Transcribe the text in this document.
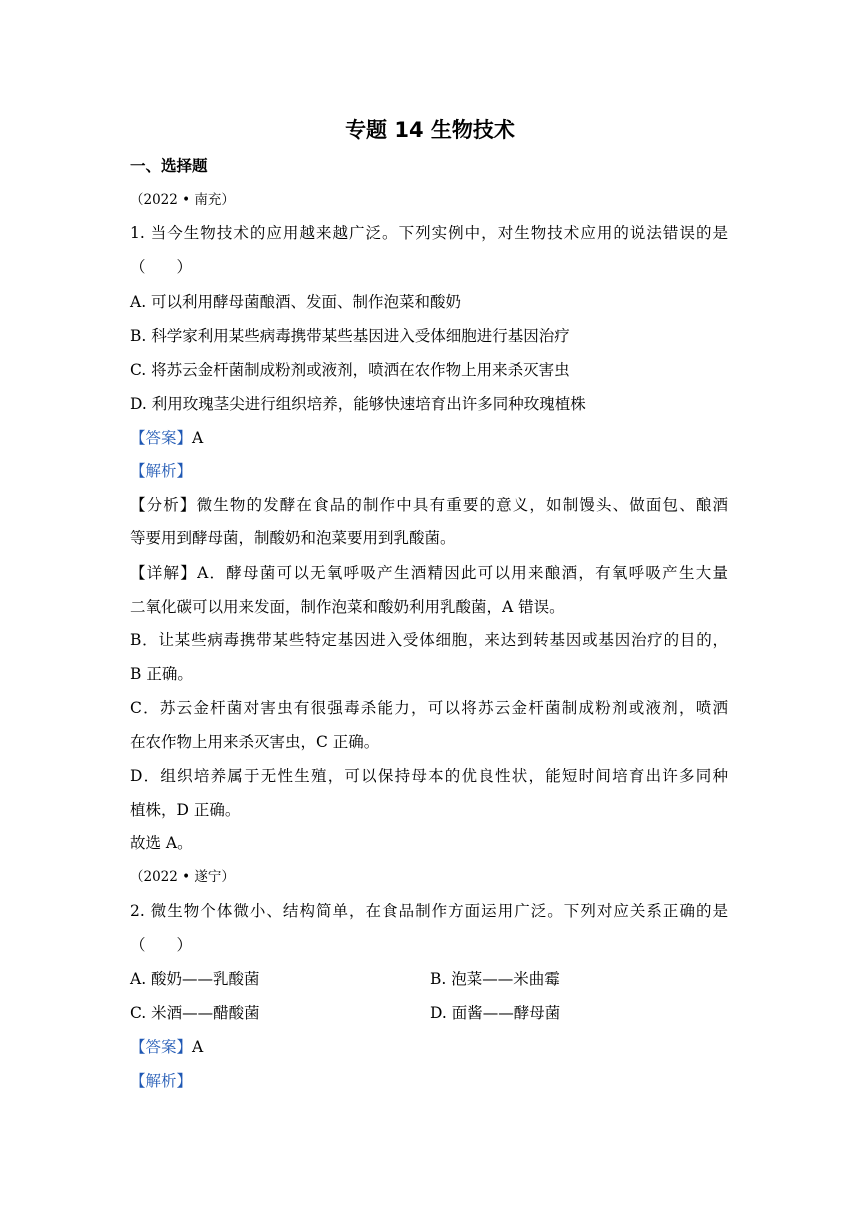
专题 14 生物技术
一、选择题
（2022 • 南充）
1. 当今生物技术的应用越来越广泛。下列实例中，对生物技术应用的说法错误的是
（　　）
A. 可以利用酵母菌酿酒、发面、制作泡菜和酸奶
B. 科学家利用某些病毒携带某些基因进入受体细胞进行基因治疗
C. 将苏云金杆菌制成粉剂或液剂，喷洒在农作物上用来杀灭害虫
D. 利用玫瑰茎尖进行组织培养，能够快速培育出许多同种玫瑰植株
【答案】A
【解析】
【分析】微生物的发酵在食品的制作中具有重要的意义，如制馒头、做面包、酿酒
等要用到酵母菌，制酸奶和泡菜要用到乳酸菌。
【详解】A．酵母菌可以无氧呼吸产生酒精因此可以用来酿酒，有氧呼吸产生大量
二氧化碳可以用来发面，制作泡菜和酸奶利用乳酸菌，A 错误。
B．让某些病毒携带某些特定基因进入受体细胞，来达到转基因或基因治疗的目的，
B 正确。
C．苏云金杆菌对害虫有很强毒杀能力，可以将苏云金杆菌制成粉剂或液剂，喷洒
在农作物上用来杀灭害虫，C 正确。
D．组织培养属于无性生殖，可以保持母本的优良性状，能短时间培育出许多同种
植株，D 正确。
故选 A。
（2022 • 遂宁）
2. 微生物个体微小、结构简单，在食品制作方面运用广泛。下列对应关系正确的是
（　　）
A. 酸奶——乳酸菌	B. 泡菜——米曲霉
C. 米酒——醋酸菌	D. 面酱——酵母菌
【答案】A
【解析】
